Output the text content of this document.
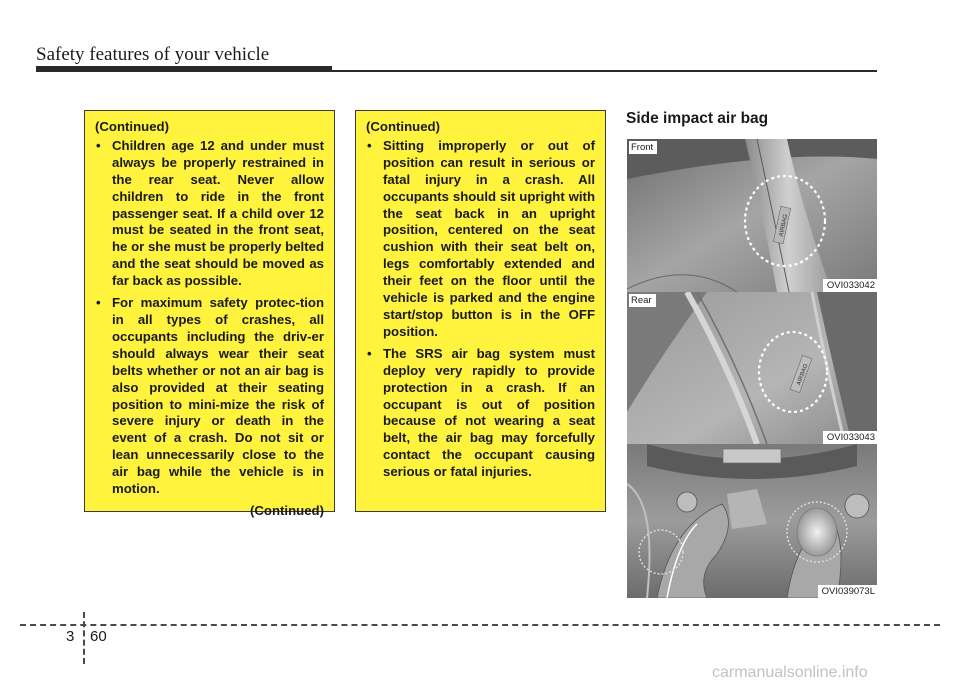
Safety features of your vehicle
(Continued)
• Children age 12 and under must always be properly restrained in the rear seat. Never allow children to ride in the front passenger seat. If a child over 12 must be seated in the front seat, he or she must be properly belted and the seat should be moved as far back as possible.
• For maximum safety protec-tion in all types of crashes, all occupants including the driv-er should always wear their seat belts whether or not an air bag is also provided at their seating position to mini-mize the risk of severe injury or death in the event of a crash. Do not sit or lean unnecessarily close to the air bag while the vehicle is in motion.
(Continued)
(Continued)
• Sitting improperly or out of position can result in serious or fatal injury in a crash. All occupants should sit upright with the seat back in an upright position, centered on the seat cushion with their seat belt on, legs comfortably extended and their feet on the floor until the vehicle is parked and the engine start/stop button is in the OFF position.
• The SRS air bag system must deploy very rapidly to provide protection in a crash. If an occupant is out of position because of not wearing a seat belt, the air bag may forcefully contact the occupant causing serious or fatal injuries.
Side impact air bag
AIRBAG
Front
OVI033042
AIRBAG
Rear
OVI033043
OVI039073L
3 60
carmanualsonline.info
